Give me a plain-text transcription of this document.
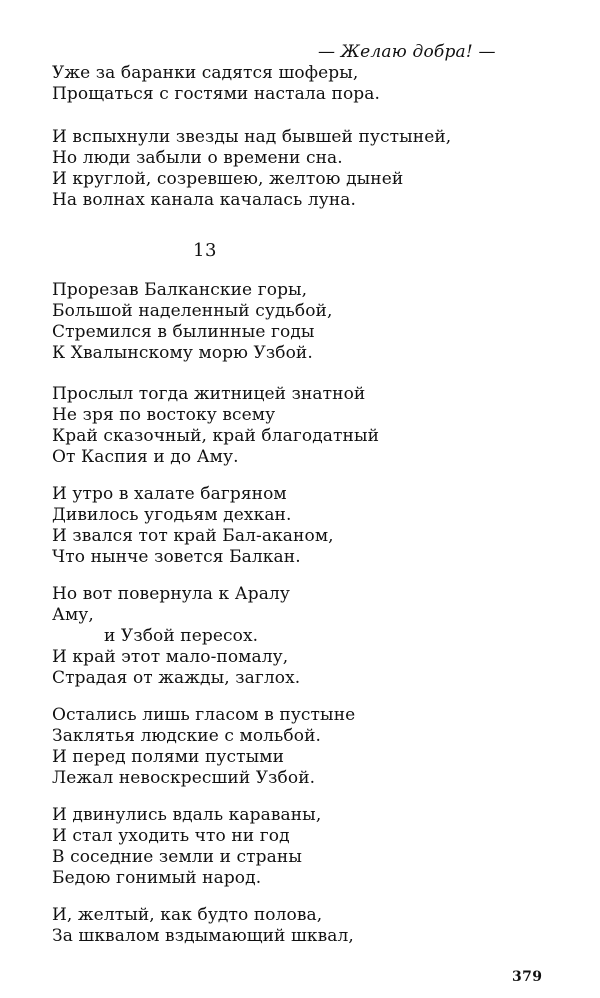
— Желаю добра! —
Уже за баранки садятся шоферы,
Прощаться с гостями настала пора.
И вспыхнули звезды над бывшей пустыней,
Но люди забыли о времени сна.
И круглой, созревшею, желтою дыней
На волнах канала качалась луна.
13
Прорезав Балканские горы,
Большой наделенный судьбой,
Стремился в былинные годы
К Хвалынскому морю Узбой.
Прослыл тогда житницей знатной
Не зря по востоку всему
Край сказочный, край благодатный
От Каспия и до Аму.
И утро в халате багряном
Дивилось угодьям дехкан.
И звался тот край Бал-аканом,
Что нынче зовется Балкан.
Но вот повернула к Аралу
Аму,
и Узбой пересох.
И край этот мало-помалу,
Страдая от жажды, заглох.
Остались лишь гласом в пустыне
Заклятья людские с мольбой.
И перед полями пустыми
Лежал невоскресший Узбой.
И двинулись вдаль караваны,
И стал уходить что ни год
В соседние земли и страны
Бедою гонимый народ.
И, желтый, как будто полова,
За шквалом вздымающий шквал,
379
